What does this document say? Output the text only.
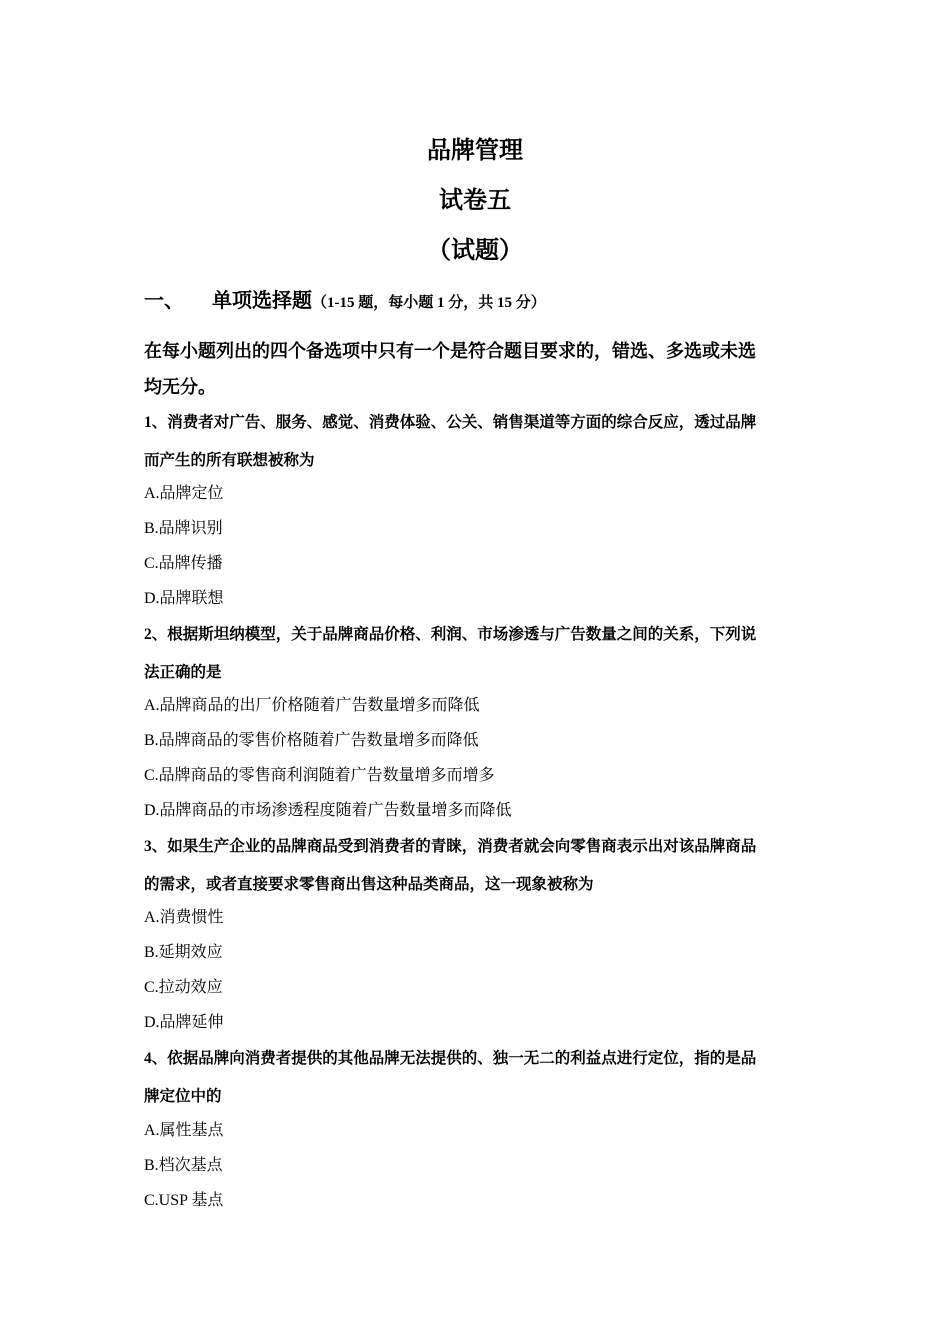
品牌管理
试卷五
（试题）
一、 单项选择题（1-15 题，每小题 1 分，共 15 分）
在每小题列出的四个备选项中只有一个是符合题目要求的，错选、多选或未选
均无分。
1、消费者对广告、服务、感觉、消费体验、公关、销售渠道等方面的综合反应，透过品牌
而产生的所有联想被称为
A.品牌定位
B.品牌识别
C.品牌传播
D.品牌联想
2、根据斯坦纳模型，关于品牌商品价格、利润、市场渗透与广告数量之间的关系，下列说
法正确的是
A.品牌商品的出厂价格随着广告数量增多而降低
B.品牌商品的零售价格随着广告数量增多而降低
C.品牌商品的零售商利润随着广告数量增多而增多
D.品牌商品的市场渗透程度随着广告数量增多而降低
3、如果生产企业的品牌商品受到消费者的青睐，消费者就会向零售商表示出对该品牌商品
的需求，或者直接要求零售商出售这种品类商品，这一现象被称为
A.消费惯性
B.延期效应
C.拉动效应
D.品牌延伸
4、依据品牌向消费者提供的其他品牌无法提供的、独一无二的利益点进行定位，指的是品
牌定位中的
A.属性基点
B.档次基点
C.USP 基点
